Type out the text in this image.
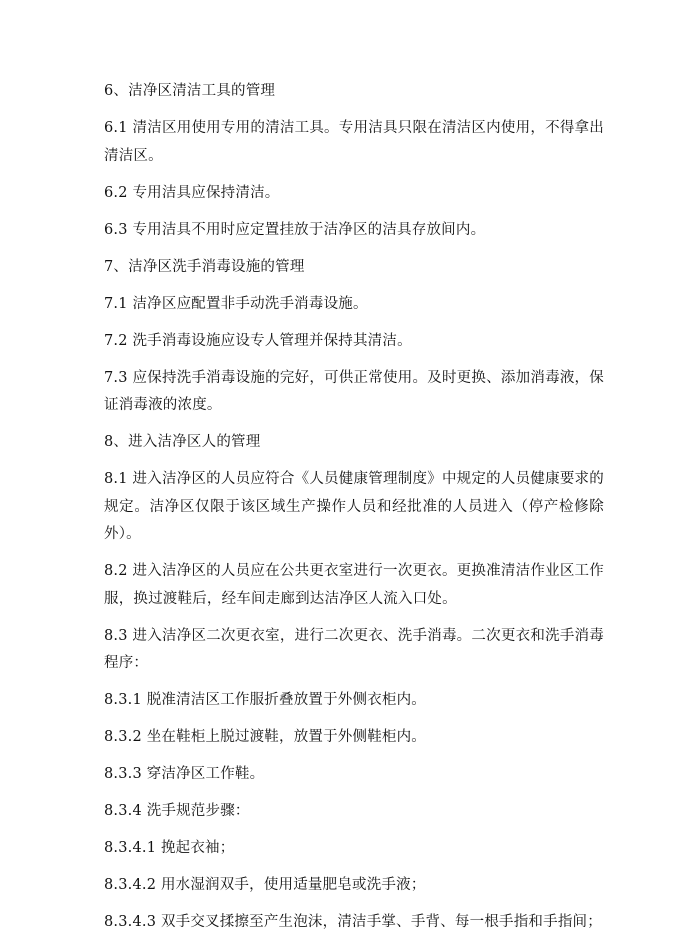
6、洁净区清洁工具的管理

6.1 清洁区用使用专用的清洁工具。专用洁具只限在清洁区内使用，不得拿出清洁区。

6.2 专用洁具应保持清洁。

6.3 专用洁具不用时应定置挂放于洁净区的洁具存放间内。

7、洁净区洗手消毒设施的管理

7.1 洁净区应配置非手动洗手消毒设施。

7.2 洗手消毒设施应设专人管理并保持其清洁。

7.3 应保持洗手消毒设施的完好，可供正常使用。及时更换、添加消毒液，保证消毒液的浓度。

8、进入洁净区人的管理

8.1 进入洁净区的人员应符合《人员健康管理制度》中规定的人员健康要求的规定。洁净区仅限于该区域生产操作人员和经批准的人员进入（停产检修除外）。

8.2 进入洁净区的人员应在公共更衣室进行一次更衣。更换准清洁作业区工作服，换过渡鞋后，经车间走廊到达洁净区人流入口处。

8.3 进入洁净区二次更衣室，进行二次更衣、洗手消毒。二次更衣和洗手消毒程序：

8.3.1 脱准清洁区工作服折叠放置于外侧衣柜内。

8.3.2 坐在鞋柜上脱过渡鞋，放置于外侧鞋柜内。

8.3.3 穿洁净区工作鞋。

8.3.4 洗手规范步骤：

8.3.4.1 挽起衣袖；

8.3.4.2 用水湿润双手，使用适量肥皂或洗手液；

8.3.4.3 双手交叉揉擦至产生泡沫，清洁手掌、手背、每一根手指和手指间；
